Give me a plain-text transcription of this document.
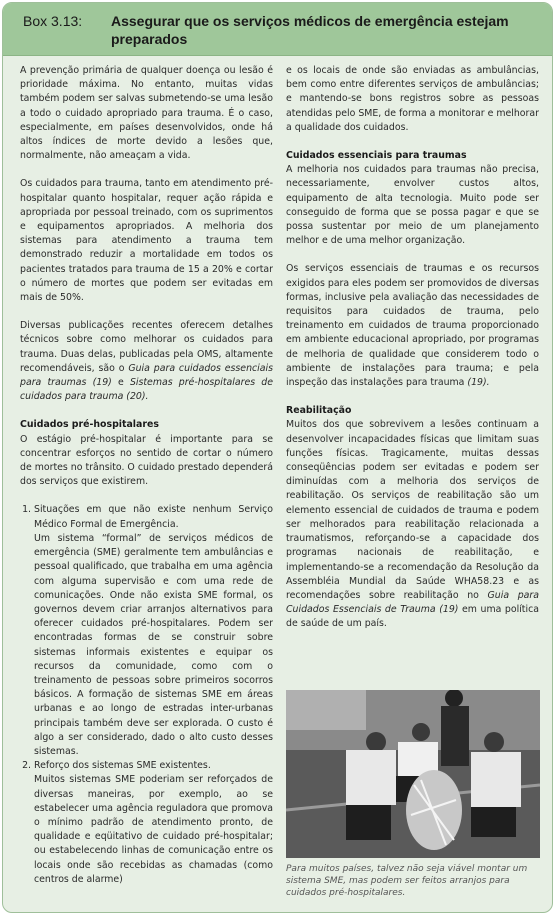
Box 3.13: Assegurar que os serviços médicos de emergência estejam preparados

A prevenção primária de qualquer doença ou lesão é prioridade máxima. No entanto, muitas vidas também podem ser salvas submetendo-se uma lesão a todo o cuidado apropriado para trauma. É o caso, especialmente, em países desenvolvidos, onde há altos índices de morte devido a lesões que, normalmente, não ameaçam a vida.

Os cuidados para trauma, tanto em atendimento pré-hospitalar quanto hospitalar, requer ação rápida e apropriada por pessoal treinado, com os suprimentos e equipamentos apropriados. A melhoria dos sistemas para atendimento a trauma tem demonstrado reduzir a mortalidade em todos os pacientes tratados para trauma de 15 a 20% e cortar o número de mortes que podem ser evitadas em mais de 50%.

Diversas publicações recentes oferecem detalhes técnicos sobre como melhorar os cuidados para trauma. Duas delas, publicadas pela OMS, altamente recomendáveis, são o Guia para cuidados essenciais para traumas (19) e Sistemas pré-hospitalares de cuidados para trauma (20).

Cuidados pré-hospitalares

O estágio pré-hospitalar é importante para se concentrar esforços no sentido de cortar o número de mortes no trânsito. O cuidado prestado dependerá dos serviços que existirem.

1. Situações em que não existe nenhum Serviço Médico Formal de Emergência.
Um sistema “formal” de serviços médicos de emergência (SME) geralmente tem ambulâncias e pessoal qualificado, que trabalha em uma agência com alguma supervisão e com uma rede de comunicações. Onde não exista SME formal, os governos devem criar arranjos alternativos para oferecer cuidados pré-hospitalares. Podem ser encontradas formas de se construir sobre sistemas informais existentes e equipar os recursos da comunidade, como com o treinamento de pessoas sobre primeiros socorros básicos. A formação de sistemas SME em áreas urbanas e ao longo de estradas inter-urbanas principais também deve ser explorada. O custo é algo a ser considerado, dado o alto custo desses sistemas.
2. Reforço dos sistemas SME existentes.
Muitos sistemas SME poderiam ser reforçados de diversas maneiras, por exemplo, ao se estabelecer uma agência reguladora que promova o mínimo padrão de atendimento pronto, de qualidade e eqüitativo de cuidado pré-hospitalar; ou estabelecendo linhas de comunicação entre os locais onde são recebidas as chamadas (como centros de alarme)

e os locais de onde são enviadas as ambulâncias, bem como entre diferentes serviços de ambulâncias; e mantendo-se bons registros sobre as pessoas atendidas pelo SME, de forma a monitorar e melhorar a qualidade dos cuidados.

Cuidados essenciais para traumas

A melhoria nos cuidados para traumas não precisa, necessariamente, envolver custos altos, equipamento de alta tecnologia. Muito pode ser conseguido de forma que se possa pagar e que se possa sustentar por meio de um planejamento melhor e de uma melhor organização.

Os serviços essenciais de traumas e os recursos exigidos para eles podem ser promovidos de diversas formas, inclusive pela avaliação das necessidades de requisitos para cuidados de trauma, pelo treinamento em cuidados de trauma proporcionado em ambiente educacional apropriado, por programas de melhoria de qualidade que considerem todo o ambiente de instalações para trauma; e pela inspeção das instalações para trauma (19).

Reabilitação

Muitos dos que sobrevivem a lesões continuam a desenvolver incapacidades físicas que limitam suas funções físicas. Tragicamente, muitas dessas conseqüências podem ser evitadas e podem ser diminuídas com a melhoria dos serviços de reabilitação. Os serviços de reabilitação são um elemento essencial de cuidados de trauma e podem ser melhorados para reabilitação relacionada a traumatismos, reforçando-se a capacidade dos programas nacionais de reabilitação, e implementando-se a recomendação da Resolução da Assembléia Mundial da Saúde WHA58.23 e as recomendações sobre reabilitação no Guia para Cuidados Essenciais de Trauma (19) em uma política de saúde de um país.

Para muitos países, talvez não seja viável montar um sistema SME, mas podem ser feitos arranjos para cuidados pré-hospitalares.
